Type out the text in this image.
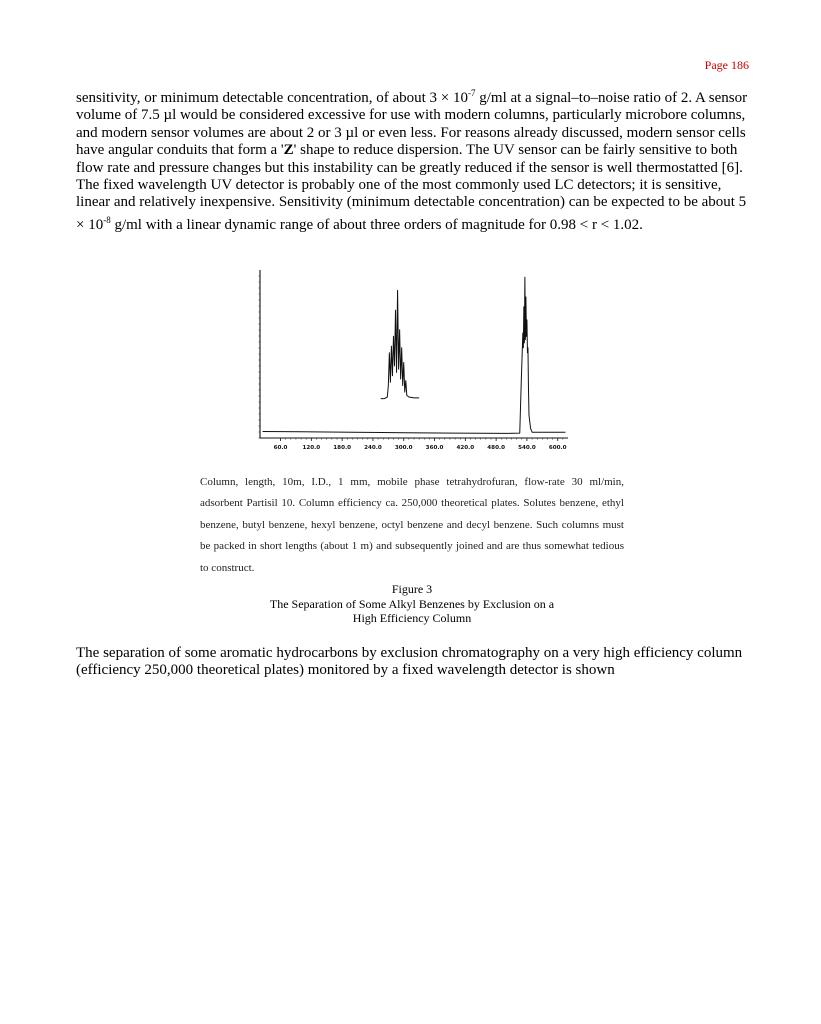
Page 186

sensitivity, or minimum detectable concentration, of about $3 \times 10^{-7}$ g/ml at a signal–to–noise ratio of 2. A sensor volume of 7.5 µl would be considered excessive for use with modern columns, particularly microbore columns, and modern sensor volumes are about 2 or 3 µl or even less. For reasons already discussed, modern sensor cells have angular conduits that form a 'Z' shape to reduce dispersion. The UV sensor can be fairly sensitive to both flow rate and pressure changes but this instability can be greatly reduced if the sensor is well thermostatted [6]. The fixed wavelength UV detector is probably one of the most commonly used LC detectors; it is sensitive, linear and relatively inexpensive. Sensitivity (minimum detectable concentration) can be expected to be about $5 \times 10^{-8}$ g/ml with a linear dynamic range of about three orders of magnitude for 0.98 < r < 1.02.

60.0	120.0 180.0 240.0 300.0 360.0 420.0 480.0 540.0 600.0

Column, length, 10m, I.D., 1 mm, mobile phase tetrahydrofuran, flow-rate 30 ml/min, adsorbent Partisil 10. Column efficiency ca. 250,000 theoretical plates. Solutes benzene, ethyl benzene, butyl benzene, hexyl benzene, octyl benzene and decyl benzene. Such columns must be packed in short lengths (about 1 m) and subsequently joined and are thus somewhat tedious to construct.

Figure 3
The Separation of Some Alkyl Benzenes by Exclusion on a
High Efficiency Column

The separation of some aromatic hydrocarbons by exclusion chromatography on a very high efficiency column (efficiency 250,000 theoretical plates) monitored by a fixed wavelength detector is shown
